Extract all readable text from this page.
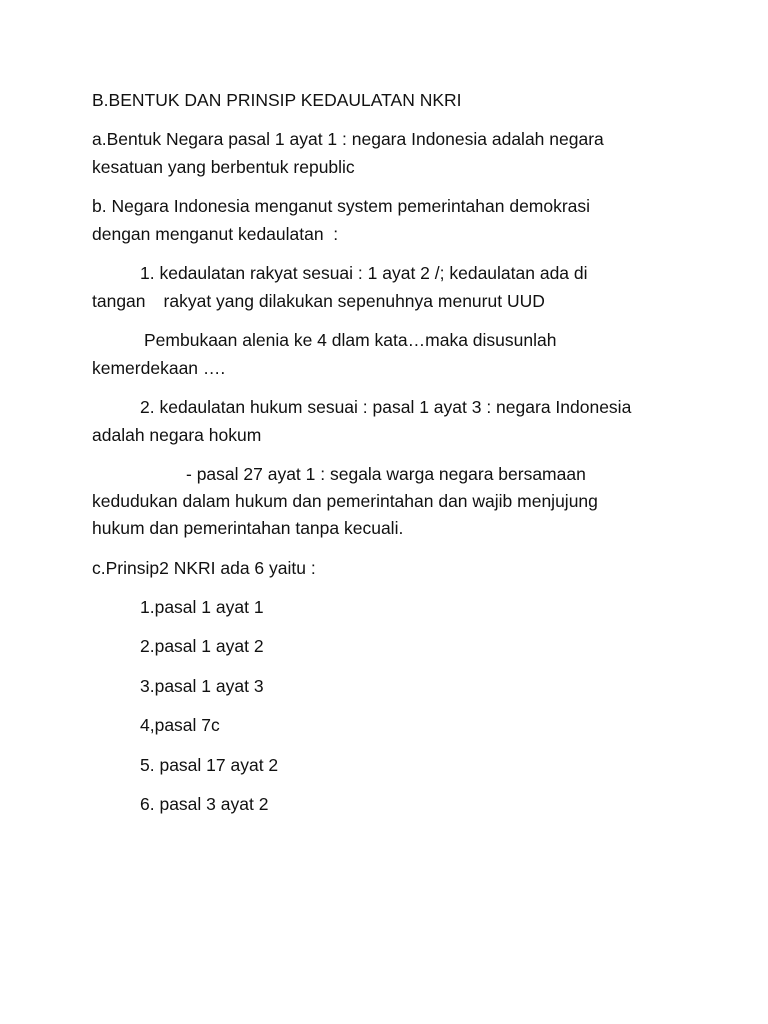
B.BENTUK DAN PRINSIP KEDAULATAN NKRI

a.Bentuk Negara pasal 1 ayat 1 : negara Indonesia adalah negara

kesatuan yang berbentuk republic

b. Negara Indonesia menganut system pemerintahan demokrasi

dengan menganut kedaulatan  :

1. kedaulatan rakyat sesuai : 1 ayat 2 /; kedaulatan ada di

tangan rakyat yang dilakukan sepenuhnya menurut UUD

Pembukaan alenia ke 4 dlam kata…maka disusunlah

kemerdekaan ….

2. kedaulatan hukum sesuai : pasal 1 ayat 3 : negara Indonesia

adalah negara hokum

- pasal 27 ayat 1 : segala warga negara bersamaan

kedudukan dalam hukum dan pemerintahan dan wajib menjujung

hukum dan pemerintahan tanpa kecuali.

c.Prinsip2 NKRI ada 6 yaitu :

1.pasal 1 ayat 1

2.pasal 1 ayat 2

3.pasal 1 ayat 3

4,pasal 7c

5. pasal 17 ayat 2

6. pasal 3 ayat 2
